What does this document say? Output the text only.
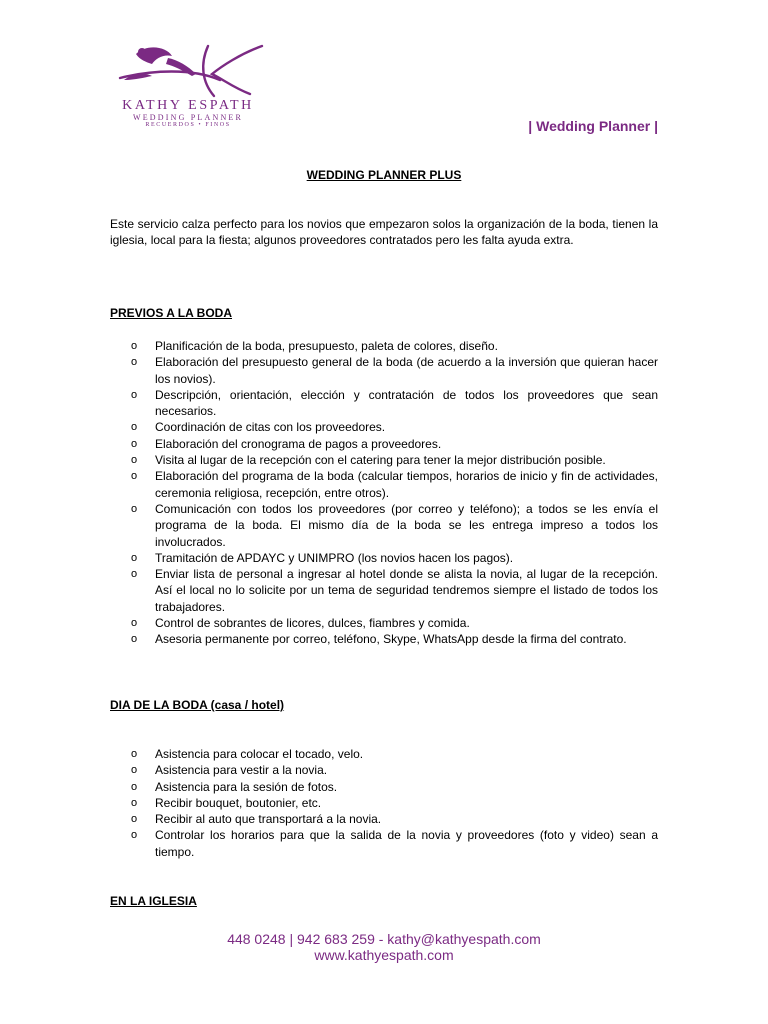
KATHY ESPATH
WEDDING PLANNER
RECUERDOS • FINOS	| Wedding Planner |
WEDDING PLANNER PLUS
Este servicio calza perfecto para los novios que empezaron solos la organización de la boda, tienen la iglesia, local para la fiesta; algunos proveedores contratados pero les falta ayuda extra.
PREVIOS A LA BODA
o Planificación de la boda, presupuesto, paleta de colores, diseño.
o Elaboración del presupuesto general de la boda (de acuerdo a la inversión que quieran hacer los novios).
o Descripción, orientación, elección y contratación de todos los proveedores que sean necesarios.
o Coordinación de citas con los proveedores.
o Elaboración del cronograma de pagos a proveedores.
o Visita al lugar de la recepción con el catering para tener la mejor distribución posible.
o Elaboración del programa de la boda (calcular tiempos, horarios de inicio y fin de actividades, ceremonia religiosa, recepción, entre otros).
o Comunicación con todos los proveedores (por correo y teléfono); a todos se les envía el programa de la boda. El mismo día de la boda se les entrega impreso a todos los involucrados.
o Tramitación de APDAYC y UNIMPRO (los novios hacen los pagos).
o Enviar lista de personal a ingresar al hotel donde se alista la novia, al lugar de la recepción. Así el local no lo solicite por un tema de seguridad tendremos siempre el listado de todos los trabajadores.
o Control de sobrantes de licores, dulces, fiambres y comida.
o Asesoria permanente por correo, teléfono, Skype, WhatsApp desde la firma del contrato.
DIA DE LA BODA (casa / hotel)
o Asistencia para colocar el tocado, velo.
o Asistencia para vestir a la novia.
o Asistencia para la sesión de fotos.
o Recibir bouquet, boutonier, etc.
o Recibir al auto que transportará a la novia.
o Controlar los horarios para que la salida de la novia y proveedores (foto y video) sean a tiempo.
EN LA IGLESIA
448 0248 | 942 683 259 - kathy@kathyespath.com
www.kathyespath.com
